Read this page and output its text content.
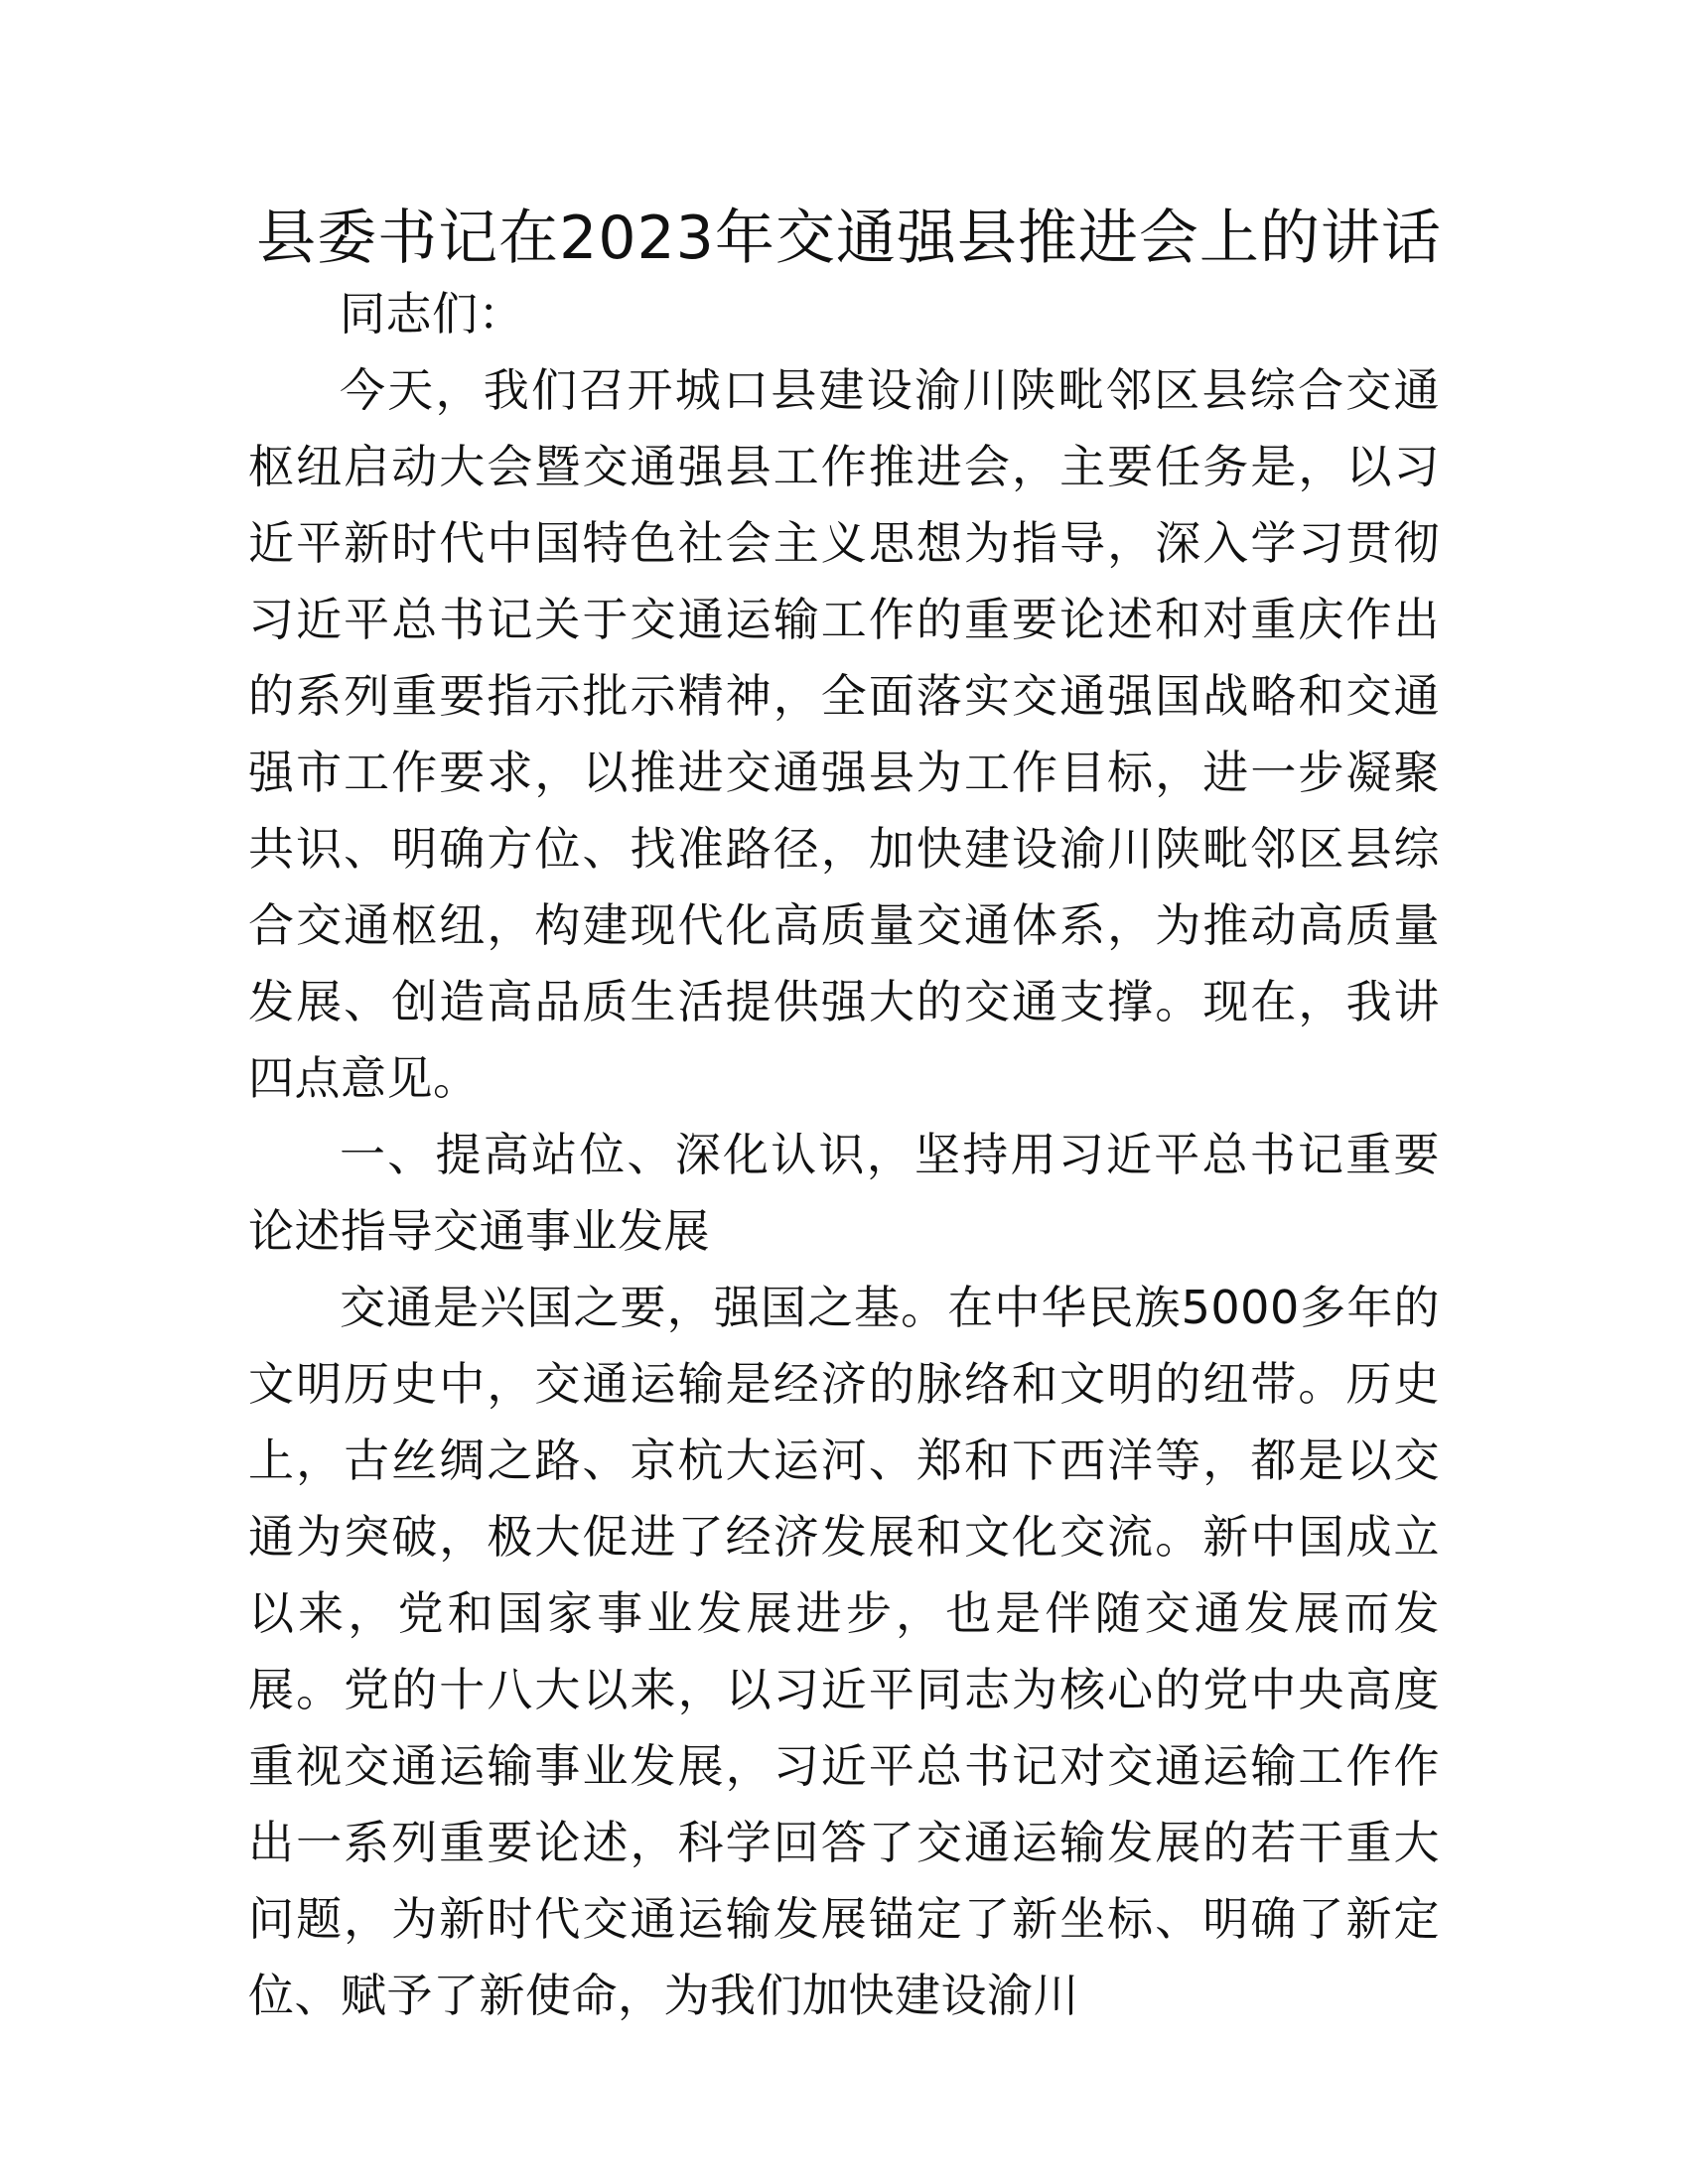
县委书记在2023年交通强县推进会上的讲话

同志们：

今天，我们召开城口县建设渝川陕毗邻区县综合交通枢纽启动大会暨交通强县工作推进会，主要任务是，以习近平新时代中国特色社会主义思想为指导，深入学习贯彻习近平总书记关于交通运输工作的重要论述和对重庆作出的系列重要指示批示精神，全面落实交通强国战略和交通强市工作要求，以推进交通强县为工作目标，进一步凝聚共识、明确方位、找准路径，加快建设渝川陕毗邻区县综合交通枢纽，构建现代化高质量交通体系，为推动高质量发展、创造高品质生活提供强大的交通支撑。现在，我讲四点意见。

一、提高站位、深化认识，坚持用习近平总书记重要论述指导交通事业发展

交通是兴国之要，强国之基。在中华民族5000多年的文明历史中，交通运输是经济的脉络和文明的纽带。历史上，古丝绸之路、京杭大运河、郑和下西洋等，都是以交通为突破，极大促进了经济发展和文化交流。新中国成立以来，党和国家事业发展进步，也是伴随交通发展而发展。党的十八大以来，以习近平同志为核心的党中央高度重视交通运输事业发展，习近平总书记对交通运输工作作出一系列重要论述，科学回答了交通运输发展的若干重大问题，为新时代交通运输发展锚定了新坐标、明确了新定位、赋予了新使命，为我们加快建设渝川
